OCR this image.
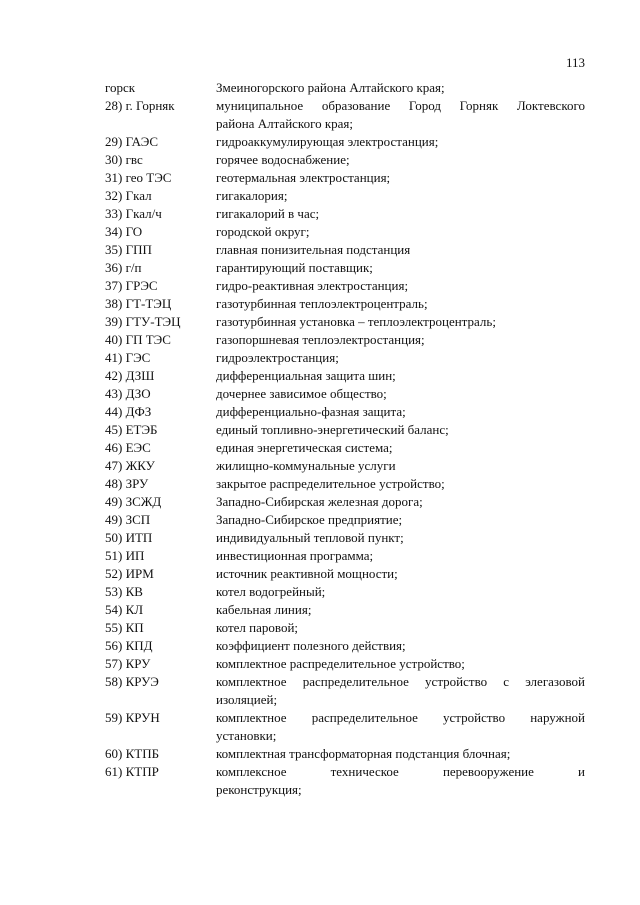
113
горск	Змеиногорского района Алтайского края;
28) г. Горняк	муниципальное образование Город Горняк Локтевского
района Алтайского края;
29) ГАЭС	гидроаккумулирующая электростанция;
30) гвс	горячее водоснабжение;
31) гео ТЭС	геотермальная электростанция;
32) Гкал	гигакалория;
33) Гкал/ч	гигакалорий в час;
34) ГО	городской округ;
35) ГПП	главная понизительная подстанция
36) г/п	гарантирующий поставщик;
37) ГРЭС	гидро-реактивная электростанция;
38) ГТ-ТЭЦ	газотурбинная теплоэлектроцентраль;
39) ГТУ-ТЭЦ	газотурбинная установка – теплоэлектроцентраль;
40) ГП ТЭС	газопоршневая теплоэлектростанция;
41) ГЭС	гидроэлектростанция;
42) ДЗШ	дифференциальная защита шин;
43) ДЗО	дочернее зависимое общество;
44) ДФЗ	дифференциально-фазная защита;
45) ЕТЭБ	единый топливно-энергетический баланс;
46) ЕЭС	единая энергетическая система;
47) ЖКУ	жилищно-коммунальные услуги
48) ЗРУ	закрытое распределительное устройство;
49) ЗСЖД	Западно-Сибирская железная дорога;
49) ЗСП	Западно-Сибирское предприятие;
50) ИТП	индивидуальный тепловой пункт;
51) ИП	инвестиционная программа;
52) ИРМ	источник реактивной мощности;
53) КВ	котел водогрейный;
54) КЛ	кабельная линия;
55) КП	котел паровой;
56) КПД	коэффициент полезного действия;
57) КРУ	комплектное распределительное устройство;
58) КРУЭ	комплектное распределительное устройство с элегазовой
изоляцией;
59) КРУН	комплектное распределительное устройство наружной
установки;
60) КТПБ	комплектная трансформаторная подстанция блочная;
61) КТПР	комплексное техническое перевооружение и
реконструкция;
